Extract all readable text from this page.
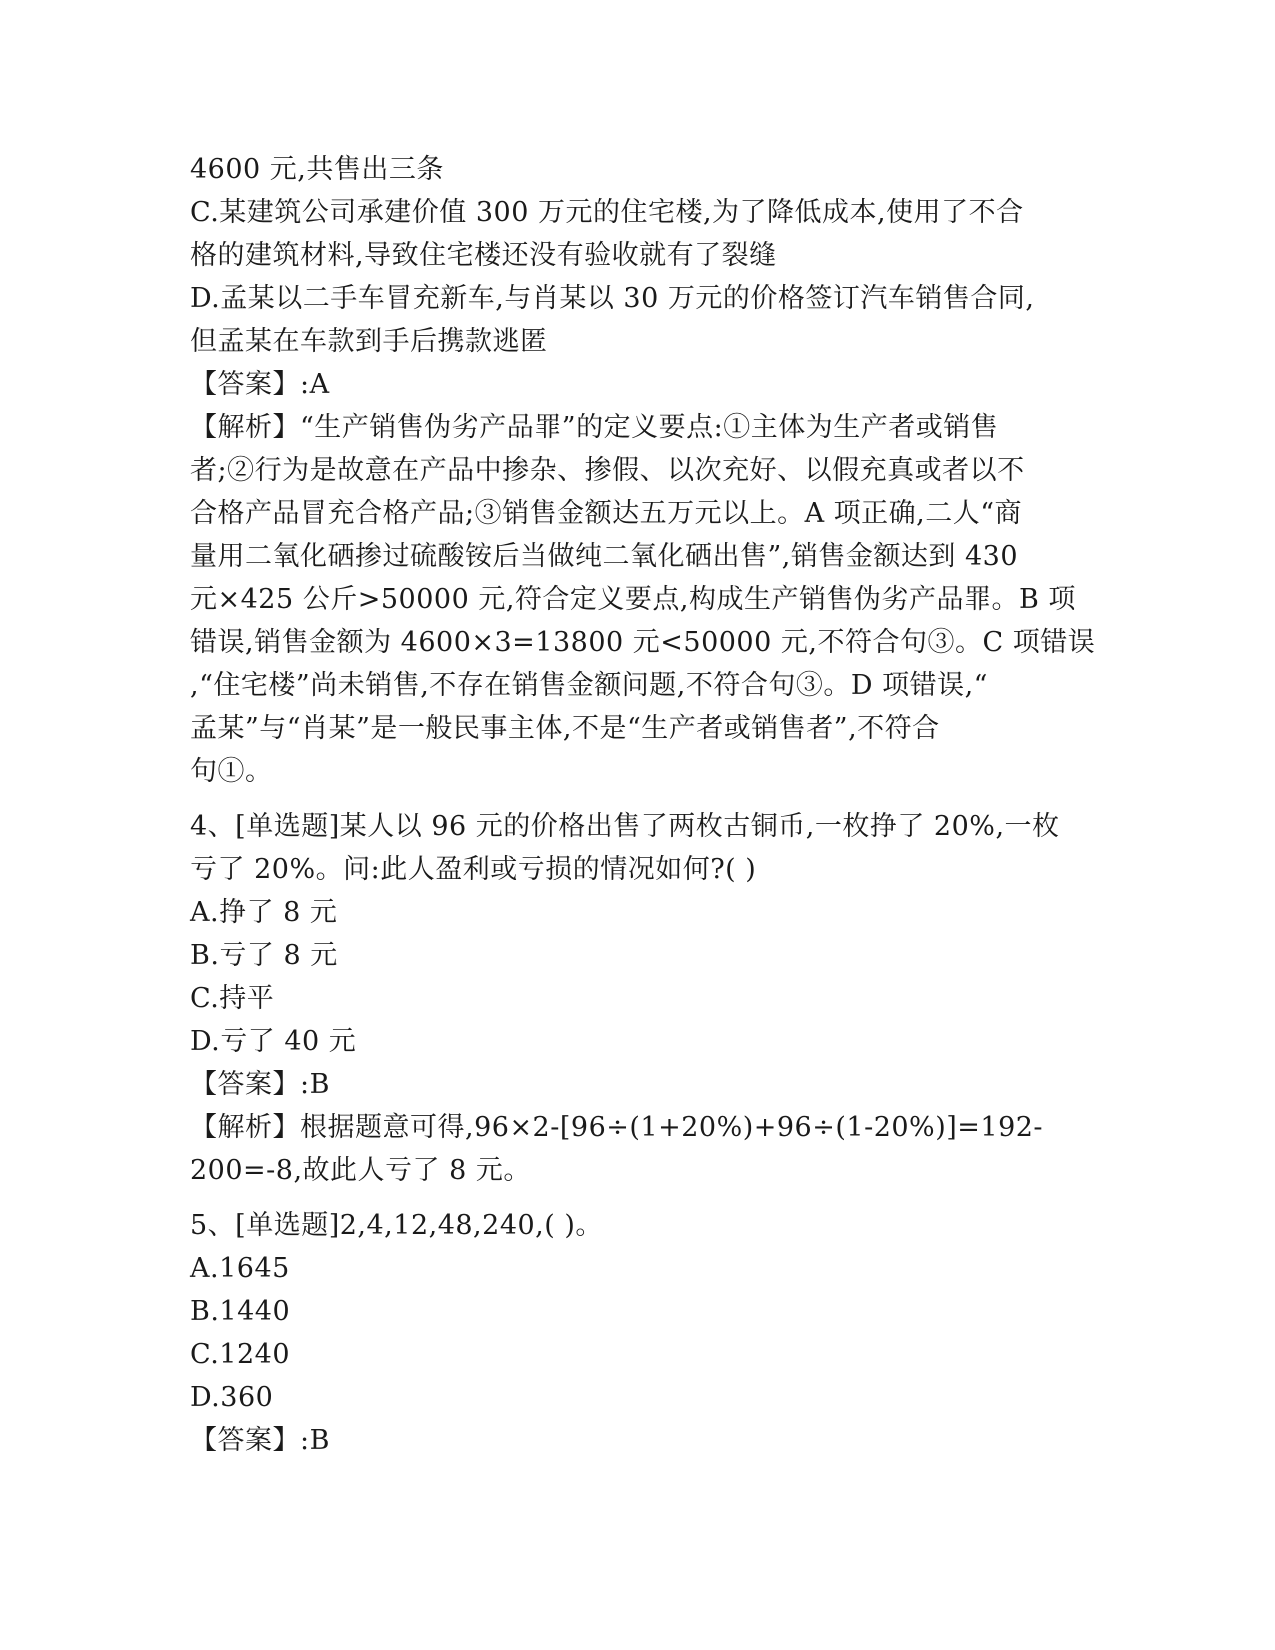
4600 元,共售出三条
C.某建筑公司承建价值 300 万元的住宅楼,为了降低成本,使用了不合
格的建筑材料,导致住宅楼还没有验收就有了裂缝
D.孟某以二手车冒充新车,与肖某以 30 万元的价格签订汽车销售合同,
但孟某在车款到手后携款逃匿
【答案】:A
【解析】“生产销售伪劣产品罪”的定义要点:①主体为生产者或销售
者;②行为是故意在产品中掺杂、掺假、以次充好、以假充真或者以不
合格产品冒充合格产品;③销售金额达五万元以上。A 项正确,二人“商
量用二氧化硒掺过硫酸铵后当做纯二氧化硒出售”,销售金额达到 430
元×425 公斤>50000 元,符合定义要点,构成生产销售伪劣产品罪。B 项
错误,销售金额为 4600×3=13800 元<50000 元,不符合句③。C 项错误
,“住宅楼”尚未销售,不存在销售金额问题,不符合句③。D 项错误,“
孟某”与“肖某”是一般民事主体,不是“生产者或销售者”,不符合
句①。
4、[单选题]某人以 96 元的价格出售了两枚古铜币,一枚挣了 20%,一枚
亏了 20%。问:此人盈利或亏损的情况如何?( )
A.挣了 8 元
B.亏了 8 元
C.持平
D.亏了 40 元
【答案】:B
【解析】根据题意可得,96×2-[96÷(1+20%)+96÷(1-20%)]=192-
200=-8,故此人亏了 8 元。
5、[单选题]2,4,12,48,240,( )。
A.1645
B.1440
C.1240
D.360
【答案】:B
